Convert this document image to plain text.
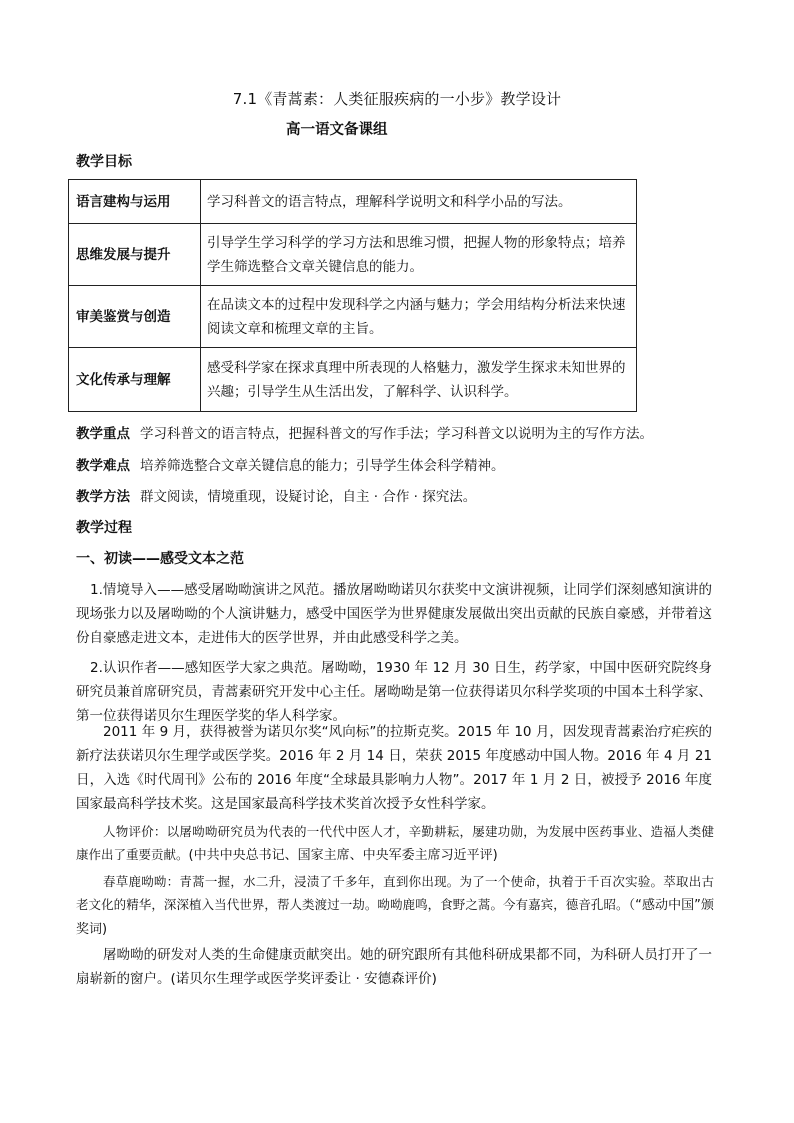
7.1《青蒿素：人类征服疾病的一小步》教学设计
高一语文备课组
教学目标
语言建构与运用	学习科普文的语言特点，理解科学说明文和科学小品的写法。
思维发展与提升	引导学生学习科学的学习方法和思维习惯，把握人物的形象特点；培养学生筛选整合文章关键信息的能力。
审美鉴赏与创造	在品读文本的过程中发现科学之内涵与魅力；学会用结构分析法来快速阅读文章和梳理文章的主旨。
文化传承与理解	感受科学家在探求真理中所表现的人格魅力，激发学生探求未知世界的兴趣；引导学生从生活出发，了解科学、认识科学。
教学重点 学习科普文的语言特点，把握科普文的写作手法；学习科普文以说明为主的写作方法。
教学难点 培养筛选整合文章关键信息的能力；引导学生体会科学精神。
教学方法 群文阅读，情境重现，设疑讨论，自主 · 合作 · 探究法。
教学过程
一、初读——感受文本之范
1.情境导入——感受屠呦呦演讲之风范。播放屠呦呦诺贝尔获奖中文演讲视频，让同学们深刻感知演讲的现场张力以及屠呦呦的个人演讲魅力，感受中国医学为世界健康发展做出突出贡献的民族自豪感，并带着这份自豪感走进文本，走进伟大的医学世界，并由此感受科学之美。
2.认识作者——感知医学大家之典范。屠呦呦，1930 年 12 月 30 日生，药学家，中国中医研究院终身研究员兼首席研究员，青蒿素研究开发中心主任。屠呦呦是第一位获得诺贝尔科学奖项的中国本土科学家、第一位获得诺贝尔生理医学奖的华人科学家。
2011 年 9 月，获得被誉为诺贝尔奖“风向标”的拉斯克奖。2015 年 10 月，因发现青蒿素治疗疟疾的新疗法获诺贝尔生理学或医学奖。2016 年 2 月 14 日，荣获 2015 年度感动中国人物。2016 年 4 月 21 日，入选《时代周刊》公布的 2016 年度“全球最具影响力人物”。2017 年 1 月 2 日，被授予 2016 年度国家最高科学技术奖。这是国家最高科学技术奖首次授予女性科学家。
人物评价：以屠呦呦研究员为代表的一代代中医人才，辛勤耕耘，屡建功勋，为发展中医药事业、造福人类健康作出了重要贡献。(中共中央总书记、国家主席、中央军委主席习近平评)
春草鹿呦呦：青蒿一握，水二升，浸渍了千多年，直到你出现。为了一个使命，执着于千百次实验。萃取出古老文化的精华，深深植入当代世界，帮人类渡过一劫。呦呦鹿鸣，食野之蒿。今有嘉宾，德音孔昭。（“感动中国”颁奖词)
屠呦呦的研发对人类的生命健康贡献突出。她的研究跟所有其他科研成果都不同，为科研人员打开了一扇崭新的窗户。(诺贝尔生理学或医学奖评委让 · 安德森评价)
